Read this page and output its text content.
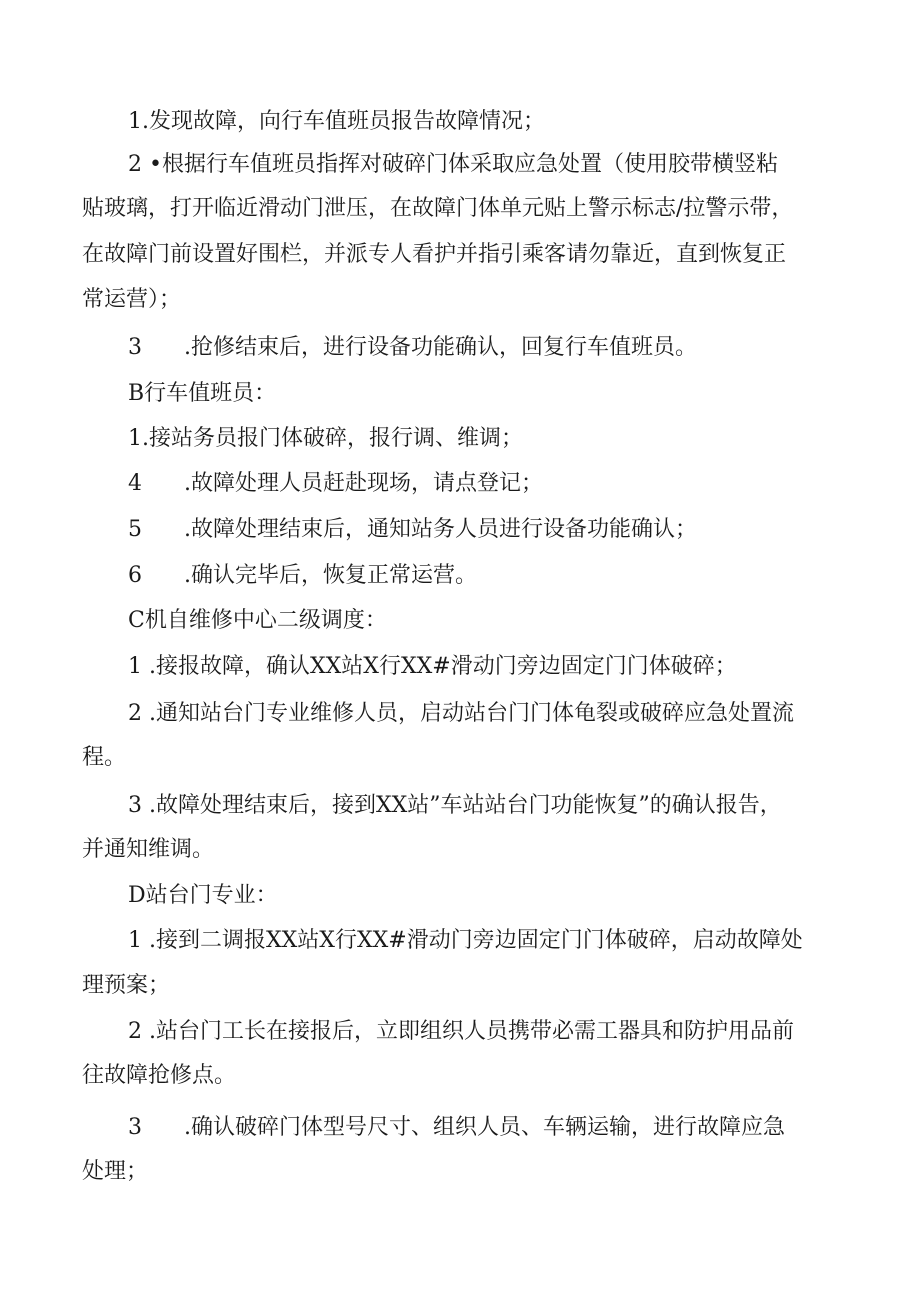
1.发现故障，向行车值班员报告故障情况；
2 •根据行车值班员指挥对破碎门体采取应急处置（使用胶带横竖粘
贴玻璃，打开临近滑动门泄压，在故障门体单元贴上警示标志/拉警示带，
在故障门前设置好围栏，并派专人看护并指引乘客请勿靠近，直到恢复正
常运营）；
3 .抢修结束后，进行设备功能确认，回复行车值班员。
B行车值班员：
1.接站务员报门体破碎，报行调、维调；
4 .故障处理人员赶赴现场，请点登记；
5 .故障处理结束后，通知站务人员进行设备功能确认；
6 .确认完毕后，恢复正常运营。
C机自维修中心二级调度：
1 .接报故障，确认XX站X行XX#滑动门旁边固定门门体破碎；
2 .通知站台门专业维修人员，启动站台门门体龟裂或破碎应急处置流
程。
3 .故障处理结束后，接到XX站”车站站台门功能恢复”的确认报告，
并通知维调。
D站台门专业：
1 .接到二调报XX站X行XX#滑动门旁边固定门门体破碎，启动故障处
理预案；
2 .站台门工长在接报后，立即组织人员携带必需工器具和防护用品前
往故障抢修点。
3 .确认破碎门体型号尺寸、组织人员、车辆运输，进行故障应急
处理；
